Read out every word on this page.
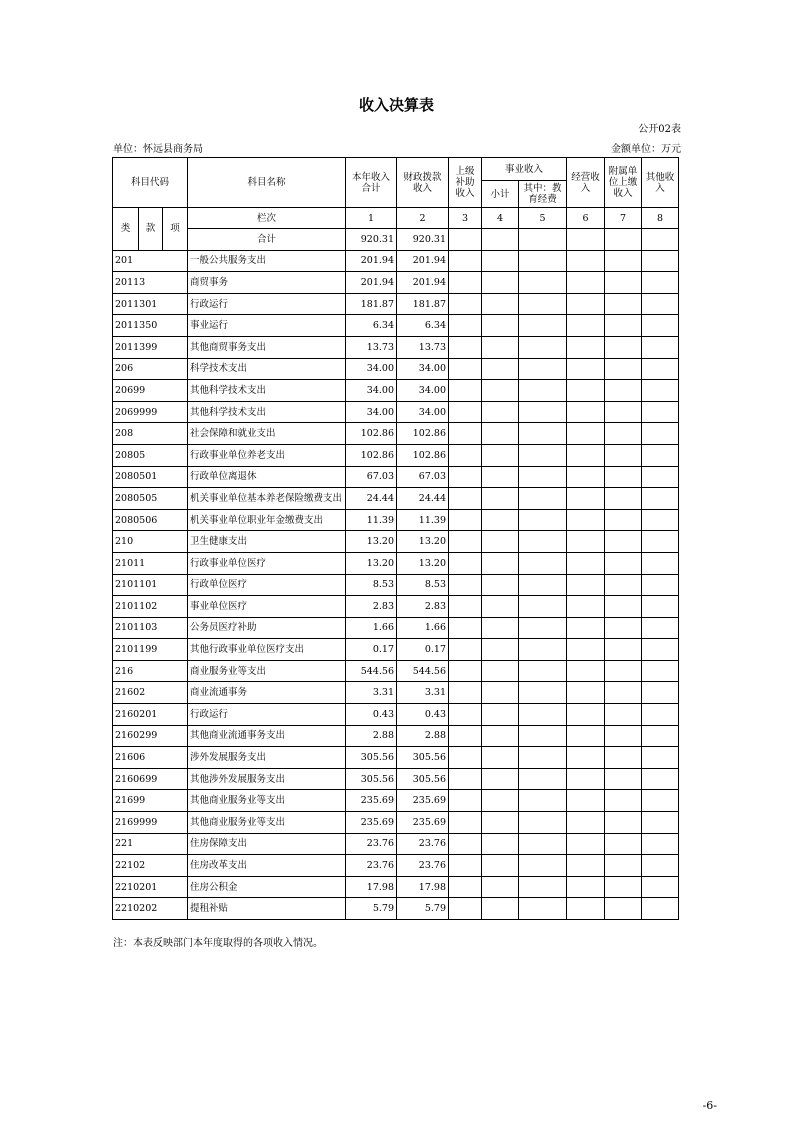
收入决算表
公开02表
单位：怀远县商务局	金额单位：万元
科目代码			科目名称	本年收入合计	财政拨款收入	上级补助收入	事业收入		经营收入	附属单位上缴收入	其他收入
							小计	其中：教育经费			
类	款	项	栏次	1	2	3	4	5	6	7	8
			合计	920.31	920.31						
201			一般公共服务支出	201.94	201.94						
20113			商贸事务	201.94	201.94						
2011301			行政运行	181.87	181.87						
2011350			事业运行	6.34	6.34						
2011399			其他商贸事务支出	13.73	13.73						
206			科学技术支出	34.00	34.00						
20699			其他科学技术支出	34.00	34.00						
2069999			其他科学技术支出	34.00	34.00						
208			社会保障和就业支出	102.86	102.86						
20805			行政事业单位养老支出	102.86	102.86						
2080501			行政单位离退休	67.03	67.03						
2080505			机关事业单位基本养老保险缴费支出	24.44	24.44						
2080506			机关事业单位职业年金缴费支出	11.39	11.39						
210			卫生健康支出	13.20	13.20						
21011			行政事业单位医疗	13.20	13.20						
2101101			行政单位医疗	8.53	8.53						
2101102			事业单位医疗	2.83	2.83						
2101103			公务员医疗补助	1.66	1.66						
2101199			其他行政事业单位医疗支出	0.17	0.17						
216			商业服务业等支出	544.56	544.56						
21602			商业流通事务	3.31	3.31						
2160201			行政运行	0.43	0.43						
2160299			其他商业流通事务支出	2.88	2.88						
21606			涉外发展服务支出	305.56	305.56						
2160699			其他涉外发展服务支出	305.56	305.56						
21699			其他商业服务业等支出	235.69	235.69						
2169999			其他商业服务业等支出	235.69	235.69						
221			住房保障支出	23.76	23.76						
22102			住房改革支出	23.76	23.76						
2210201			住房公积金	17.98	17.98						
2210202			提租补贴	5.79	5.79						
注：本表反映部门本年度取得的各项收入情况。
-6-
